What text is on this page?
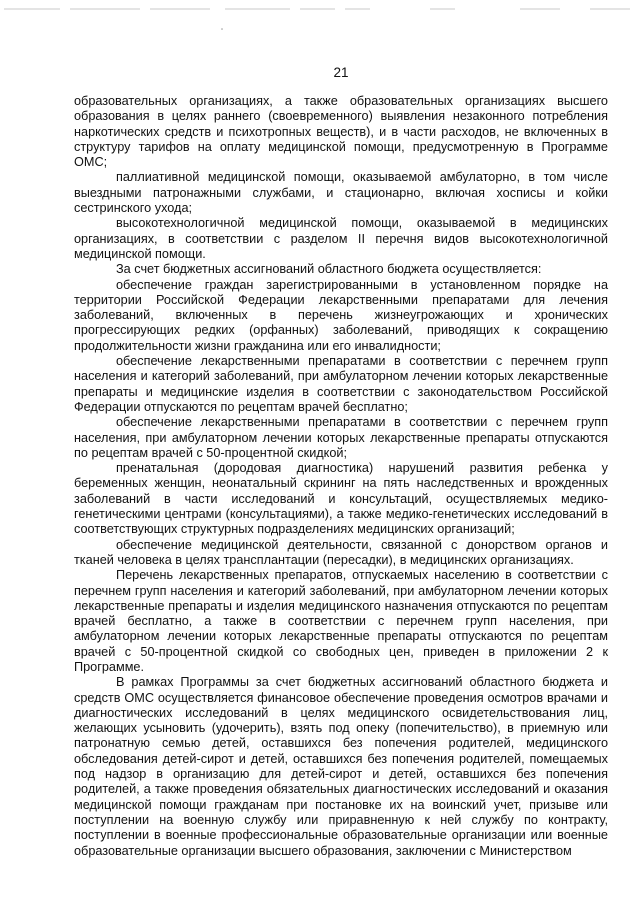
21

образовательных организациях, а также образовательных организациях высшего образования в целях раннего (своевременного) выявления незаконного потребления наркотических средств и психотропных веществ), и в части расходов, не включенных в структуру тарифов на оплату медицинской помощи, предусмотренную в Программе ОМС;

паллиативной медицинской помощи, оказываемой амбулаторно, в том числе выездными патронажными службами, и стационарно, включая хосписы и койки сестринского ухода;

высокотехнологичной медицинской помощи, оказываемой в медицинских организациях, в соответствии с разделом II перечня видов высокотехнологичной медицинской помощи.

За счет бюджетных ассигнований областного бюджета осуществляется:

обеспечение граждан зарегистрированными в установленном порядке на территории Российской Федерации лекарственными препаратами для лечения заболеваний, включенных в перечень жизнеугрожающих и хронических прогрессирующих редких (орфанных) заболеваний, приводящих к сокращению продолжительности жизни гражданина или его инвалидности;

обеспечение лекарственными препаратами в соответствии с перечнем групп населения и категорий заболеваний, при амбулаторном лечении которых лекарственные препараты и медицинские изделия в соответствии с законодательством Российской Федерации отпускаются по рецептам врачей бесплатно;

обеспечение лекарственными препаратами в соответствии с перечнем групп населения, при амбулаторном лечении которых лекарственные препараты отпускаются по рецептам врачей с 50-процентной скидкой;

пренатальная (дородовая диагностика) нарушений развития ребенка у беременных женщин, неонатальный скрининг на пять наследственных и врожденных заболеваний в части исследований и консультаций, осуществляемых медико-генетическими центрами (консультациями), а также медико-генетических исследований в соответствующих структурных подразделениях медицинских организаций;

обеспечение медицинской деятельности, связанной с донорством органов и тканей человека в целях трансплантации (пересадки), в медицинских организациях.

Перечень лекарственных препаратов, отпускаемых населению в соответствии с перечнем групп населения и категорий заболеваний, при амбулаторном лечении которых лекарственные препараты и изделия медицинского назначения отпускаются по рецептам врачей бесплатно, а также в соответствии с перечнем групп населения, при амбулаторном лечении которых лекарственные препараты отпускаются по рецептам врачей с 50-процентной скидкой со свободных цен, приведен в приложении 2 к Программе.

В рамках Программы за счет бюджетных ассигнований областного бюджета и средств ОМС осуществляется финансовое обеспечение проведения осмотров врачами и диагностических исследований в целях медицинского освидетельствования лиц, желающих усыновить (удочерить), взять под опеку (попечительство), в приемную или патронатную семью детей, оставшихся без попечения родителей, медицинского обследования детей-сирот и детей, оставшихся без попечения родителей, помещаемых под надзор в организацию для детей-сирот и детей, оставшихся без попечения родителей, а также проведения обязательных диагностических исследований и оказания медицинской помощи гражданам при постановке их на воинский учет, призыве или поступлении на военную службу или приравненную к ней службу по контракту, поступлении в военные профессиональные образовательные организации или военные образовательные организации высшего образования, заключении с Министерством
